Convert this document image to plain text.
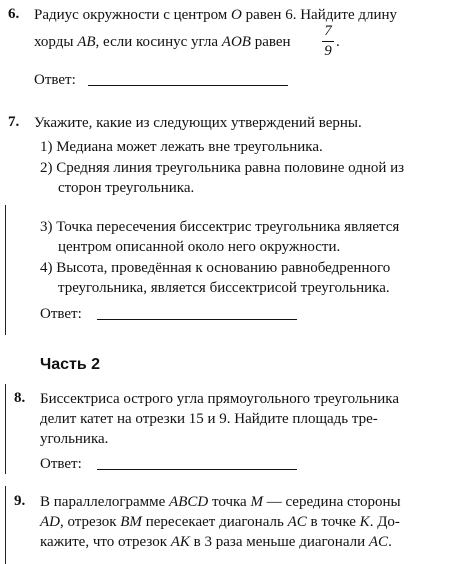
6. Радиус окружности с центром O равен 6. Найдите длину
хорды AB, если косинус угла AOB равен
7
9
.
Ответ:
7. Укажите, какие из следующих утверждений верны.
1) Медиана может лежать вне треугольника.
2) Средняя линия треугольника равна половине одной из
сторон треугольника.
3) Точка пересечения биссектрис треугольника является
центром описанной около него окружности.
4) Высота, проведённая к основанию равнобедренного
треугольника, является биссектрисой треугольника.
Ответ:
Часть 2
8. Биссектриса острого угла прямоугольного треугольника
делит катет на отрезки 15 и 9. Найдите площадь тре-
угольника.
Ответ:
9. В параллелограмме ABCD точка M — середина стороны
AD, отрезок BM пересекает диагональ AC в точке K. До-
кажите, что отрезок AK в 3 раза меньше диагонали AC.
